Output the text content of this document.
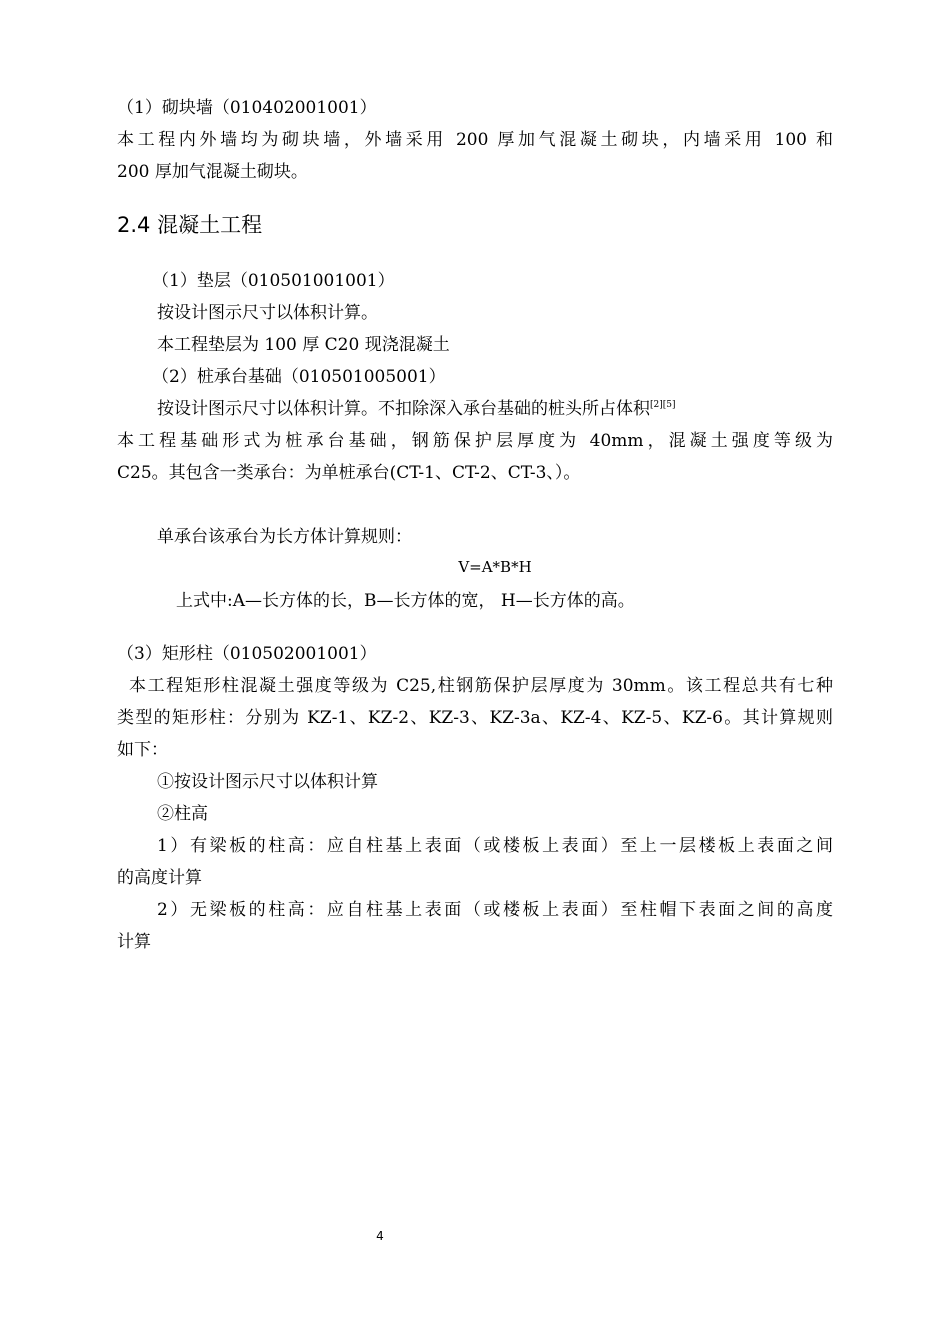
（1）砌块墙（010402001001）
本工程内外墙均为砌块墙，外墙采用 200 厚加气混凝土砌块，内墙采用 100 和
200 厚加气混凝土砌块。
2.4 混凝土工程
（1）垫层（010501001001）
按设计图示尺寸以体积计算。
本工程垫层为 100 厚 C20 现浇混凝土
（2）桩承台基础（010501005001）
按设计图示尺寸以体积计算。不扣除深入承台基础的桩头所占体积[2][5]
本工程基础形式为桩承台基础，钢筋保护层厚度为 40mm，混凝土强度等级为
C25。其包含一类承台：为单桩承台(CT-1、CT-2、CT-3、）。
单承台该承台为长方体计算规则：
V=A*B*H
上式中:A—长方体的长，B—长方体的宽， H—长方体的高。
（3）矩形柱（010502001001）
本工程矩形柱混凝土强度等级为 C25,柱钢筋保护层厚度为 30mm。该工程总共有七种
类型的矩形柱：分别为 KZ-1、KZ-2、KZ-3、KZ-3a、KZ-4、KZ-5、KZ-6。其计算规则
如下：
①按设计图示尺寸以体积计算
②柱高
1）有梁板的柱高：应自柱基上表面（或楼板上表面）至上一层楼板上表面之间
的高度计算
2）无梁板的柱高：应自柱基上表面（或楼板上表面）至柱帽下表面之间的高度
计算
4
